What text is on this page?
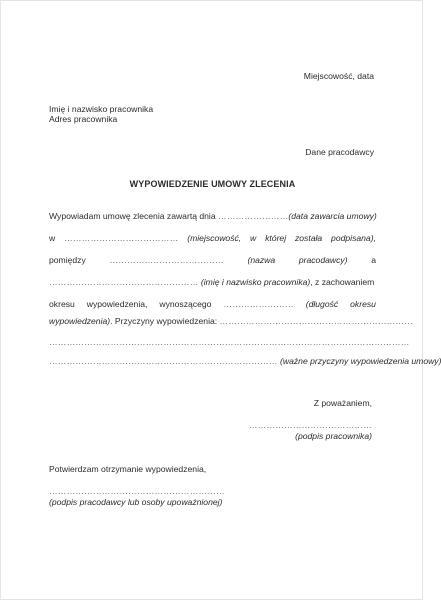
Miejscowość, data
Imię i nazwisko pracownika
Adres pracownika
Dane pracodawcy
WYPOWIEDZENIE UMOWY ZLECENIA
Wypowiadam umowę zlecenia zawartą dnia ……………………(data zawarcia umowy)
w ………………………………… (miejscowość, w której została podpisana),
pomiędzy	…………………………………	(nazwa	pracodawcy)	a
…………………………………………… (imię i nazwisko pracownika), z zachowaniem
okresu wypowiedzenia, wynoszącego …………………… (długość okresu
wypowiedzenia). Przyczyny wypowiedzenia: …………………………………………………………
……………………………………………………………………………………………………………
…………………………………………………………………… (ważne przyczyny wypowiedzenia umowy)
Z poważaniem,
……………………………………
(podpis pracownika)
Potwierdzam otrzymanie wypowiedzenia,
……………………………………………………
(podpis pracodawcy lub osoby upoważnionej)
